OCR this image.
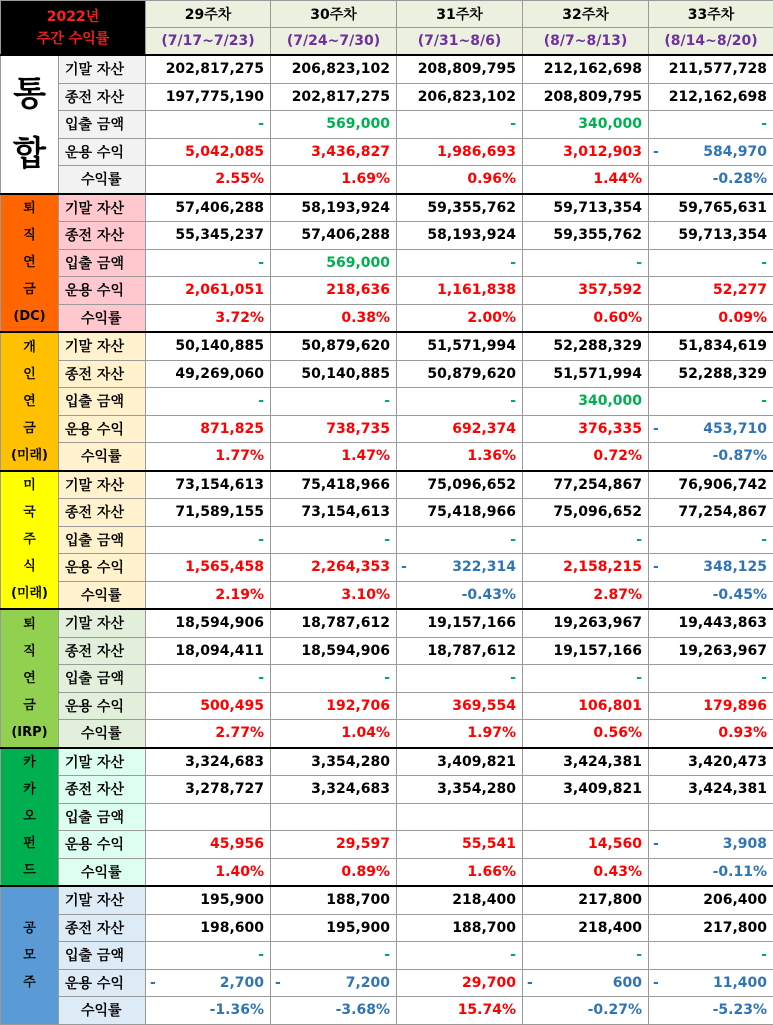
2022년
주간 수익률		29주차	30주차	31주차	32주차	33주차
		(7/17~7/23)	(7/24~7/30)	(7/31~8/6)	(8/7~8/13)	(8/14~8/20)

통
합	기말 자산	202,817,275	206,823,102	208,809,795	212,162,698	211,577,728
	종전 자산	197,775,190	202,817,275	206,823,102	208,809,795	212,162,698
	입출 금액	-	569,000	-	340,000	-
	운용 수익	5,042,085	3,436,827	1,986,693	3,012,903	- 584,970
	수익률	2.55%	1.69%	0.96%	1.44%	-0.28%

퇴
직
연
금
(DC)	기말 자산	57,406,288	58,193,924	59,355,762	59,713,354	59,765,631
	종전 자산	55,345,237	57,406,288	58,193,924	59,355,762	59,713,354
	입출 금액	-	569,000	-	-	-
	운용 수익	2,061,051	218,636	1,161,838	357,592	52,277
	수익률	3.72%	0.38%	2.00%	0.60%	0.09%

개
인
연
금
(미래)	기말 자산	50,140,885	50,879,620	51,571,994	52,288,329	51,834,619
	종전 자산	49,269,060	50,140,885	50,879,620	51,571,994	52,288,329
	입출 금액	-	-	-	340,000	-
	운용 수익	871,825	738,735	692,374	376,335	- 453,710
	수익률	1.77%	1.47%	1.36%	0.72%	-0.87%

미
국
주
식
(미래)	기말 자산	73,154,613	75,418,966	75,096,652	77,254,867	76,906,742
	종전 자산	71,589,155	73,154,613	75,418,966	75,096,652	77,254,867
	입출 금액	-	-	-	-	-
	운용 수익	1,565,458	2,264,353	- 322,314	2,158,215	- 348,125
	수익률	2.19%	3.10%	-0.43%	2.87%	-0.45%

퇴
직
연
금
(IRP)	기말 자산	18,594,906	18,787,612	19,157,166	19,263,967	19,443,863
	종전 자산	18,094,411	18,594,906	18,787,612	19,157,166	19,263,967
	입출 금액	-	-	-	-	-
	운용 수익	500,495	192,706	369,554	106,801	179,896
	수익률	2.77%	1.04%	1.97%	0.56%	0.93%

카
카
오
펀
드	기말 자산	3,324,683	3,354,280	3,409,821	3,424,381	3,420,473
	종전 자산	3,278,727	3,324,683	3,354,280	3,409,821	3,424,381
	입출 금액					
	운용 수익	45,956	29,597	55,541	14,560	- 3,908
	수익률	1.40%	0.89%	1.66%	0.43%	-0.11%

공
모
주	기말 자산	195,900	188,700	218,400	217,800	206,400
	종전 자산	198,600	195,900	188,700	218,400	217,800
	입출 금액	-	-	-	-	-
	운용 수익	- 2,700	- 7,200	29,700	- 600	- 11,400
	수익률	-1.36%	-3.68%	15.74%	-0.27%	-5.23%
